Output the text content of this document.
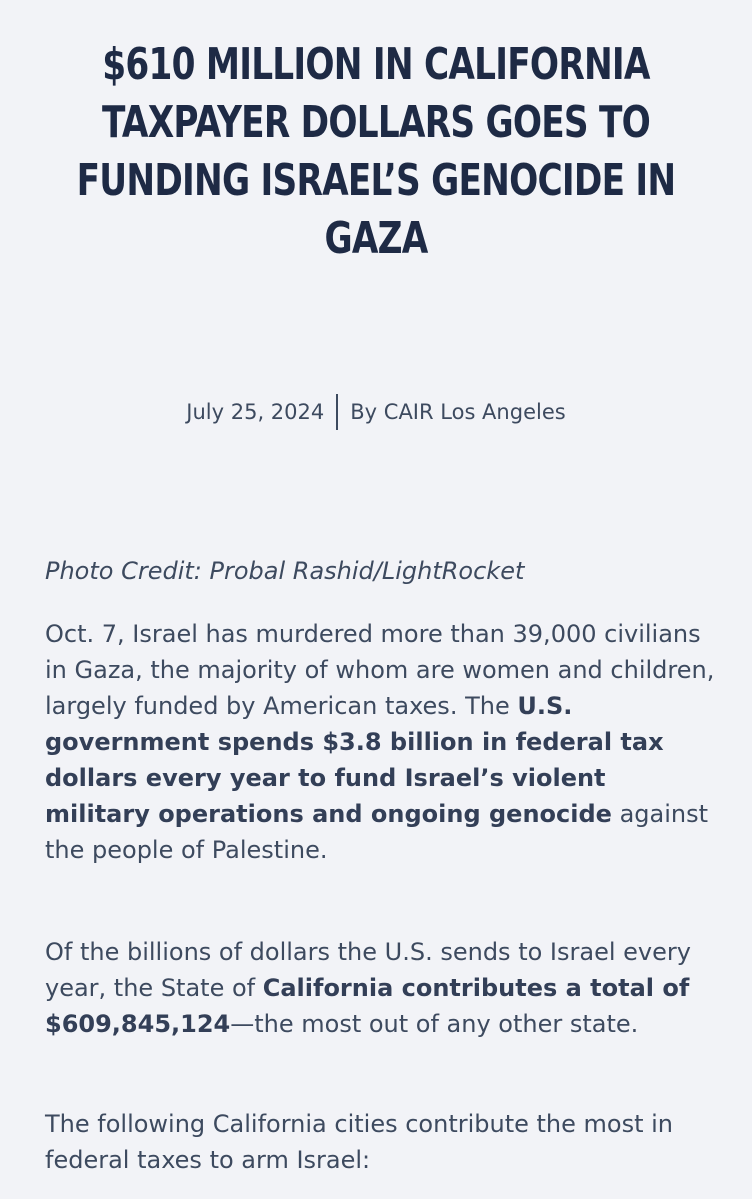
$610 MILLION IN CALIFORNIA TAXPAYER DOLLARS GOES TO FUNDING ISRAEL’S GENOCIDE IN GAZA
July 25, 2024 By CAIR Los Angeles

Photo Credit: Probal Rashid/LightRocket

Oct. 7, Israel has murdered more than 39,000 civilians in Gaza, the majority of whom are women and children, largely funded by American taxes. The U.S. government spends $3.8 billion in federal tax dollars every year to fund Israel’s violent military operations and ongoing genocide against the people of Palestine.

Of the billions of dollars the U.S. sends to Israel every year, the State of California contributes a total of $609,845,124—the most out of any other state.

The following California cities contribute the most in federal taxes to arm Israel:
